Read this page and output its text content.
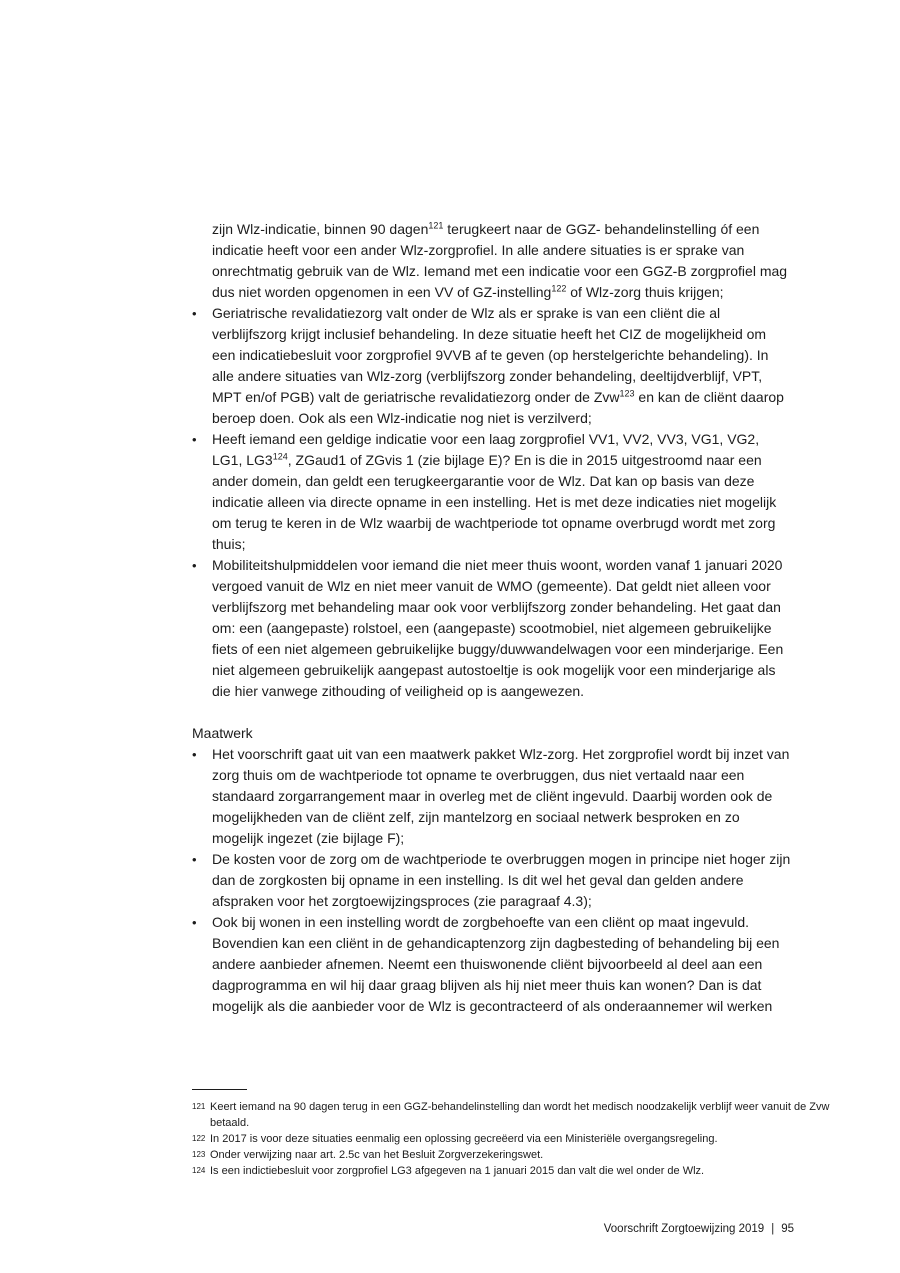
zijn Wlz-indicatie, binnen 90 dagen$^{121}$ terugkeert naar de GGZ- behandelinstelling óf een indicatie heeft voor een ander Wlz-zorgprofiel. In alle andere situaties is er sprake van onrechtmatig gebruik van de Wlz. Iemand met een indicatie voor een GGZ-B zorgprofiel mag dus niet worden opgenomen in een VV of GZ-instelling$^{122}$ of Wlz-zorg thuis krijgen;

•	Geriatrische revalidatiezorg valt onder de Wlz als er sprake is van een cliënt die al verblijfszorg krijgt inclusief behandeling. In deze situatie heeft het CIZ de mogelijkheid om een indicatiebesluit voor zorgprofiel 9VVB af te geven (op herstelgerichte behandeling). In alle andere situaties van Wlz-zorg (verblijfszorg zonder behandeling, deeltijdverblijf, VPT, MPT en/of PGB) valt de geriatrische revalidatiezorg onder de Zvw$^{123}$ en kan de cliënt daarop beroep doen. Ook als een Wlz-indicatie nog niet is verzilverd;
•	Heeft iemand een geldige indicatie voor een laag zorgprofiel VV1, VV2, VV3, VG1, VG2, LG1, $LG3^{124}$, ZGaud1 of ZGvis 1 (zie bijlage E)? En is die in 2015 uitgestroomd naar een ander domein, dan geldt een terugkeergarantie voor de Wlz. Dat kan op basis van deze indicatie alleen via directe opname in een instelling. Het is met deze indicaties niet mogelijk om terug te keren in de Wlz waarbij de wachtperiode tot opname overbrugd wordt met zorg thuis;
•	Mobiliteitshulpmiddelen voor iemand die niet meer thuis woont, worden vanaf 1 januari 2020 vergoed vanuit de Wlz en niet meer vanuit de WMO (gemeente). Dat geldt niet alleen voor verblijfszorg met behandeling maar ook voor verblijfszorg zonder behandeling. Het gaat dan om: een (aangepaste) rolstoel, een (aangepaste) scootmobiel, niet algemeen gebruikelijke fiets of een niet algemeen gebruikelijke buggy/duwwandelwagen voor een minderjarige. Een niet algemeen gebruikelijk aangepast autostoeltje is ook mogelijk voor een minderjarige als die hier vanwege zithouding of veiligheid op is aangewezen.
Maatwerk
•	Het voorschrift gaat uit van een maatwerk pakket Wlz-zorg. Het zorgprofiel wordt bij inzet van zorg thuis om de wachtperiode tot opname te overbruggen, dus niet vertaald naar een standaard zorgarrangement maar in overleg met de cliënt ingevuld. Daarbij worden ook de mogelijkheden van de cliënt zelf, zijn mantelzorg en sociaal netwerk besproken en zo mogelijk ingezet (zie bijlage F);
•	De kosten voor de zorg om de wachtperiode te overbruggen mogen in principe niet hoger zijn dan de zorgkosten bij opname in een instelling. Is dit wel het geval dan gelden andere afspraken voor het zorgtoewijzingsproces (zie paragraaf 4.3);
•	Ook bij wonen in een instelling wordt de zorgbehoefte van een cliënt op maat ingevuld. Bovendien kan een cliënt in de gehandicaptenzorg zijn dagbesteding of behandeling bij een andere aanbieder afnemen. Neemt een thuiswonende cliënt bijvoorbeeld al deel aan een dagprogramma en wil hij daar graag blijven als hij niet meer thuis kan wonen? Dan is dat mogelijk als die aanbieder voor de Wlz is gecontracteerd of als onderaannemer wil werken
121 Keert iemand na 90 dagen terug in een GGZ-behandelinstelling dan wordt het medisch noodzakelijk verblijf weer vanuit de Zvw betaald.
122 In 2017 is voor deze situaties eenmalig een oplossing gecreëerd via een Ministeriële overgangsregeling.
123 Onder verwijzing naar art. 2.5c van het Besluit Zorgverzekeringswet.
124 Is een indictiebesluit voor zorgprofiel LG3 afgegeven na 1 januari 2015 dan valt die wel onder de Wlz.
Voorschrift Zorgtoewijzing 2019 | 95
